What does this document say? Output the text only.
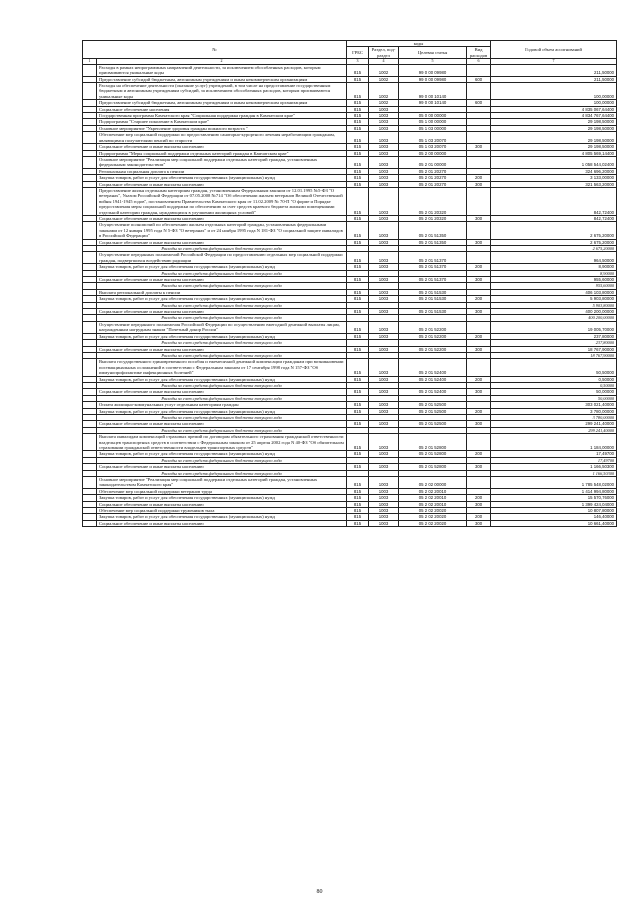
№		коды				Годовой объем ассигнований
		ГРБС	Раздел, под-раздел	Целевая статья	Вид расходов	
1	2	3	4	5	6	7
	Расходы в рамках непрограммных направлений деятельности, за исключением обособленных расходов, которым присваиваются уникальные коды	815	1002	99 0 00 09980		211,50000
	Предоставление субсидий бюджетным, автономным учреждениям и иным некоммерческим организациям	815	1002	99 0 00 09980	600	211,50000
	Расходы на обеспечение деятельности (оказание услуг) учреждений, в том числе на предоставление государственным бюджетным и автономным учреждениям субсидий, за исключением обособленных расходов, которым присваиваются уникальные коды	815	1002	99 0 00 10140		100,00000
	Предоставление субсидий бюджетным, автономным учреждениям и иным некоммерческим организациям	815	1002	99 0 00 10140	600	100,00000
	Социальное обеспечение населения	815	1003			4 835 067,64400
	Государственная программа Камчатского края "Социальная поддержка граждан в Камчатском крае"	815	1003	05 0 00 00000		4 834 767,64400
	Подпрограмма "Старшее поколение в Камчатском крае"	815	1003	05 1 00 00000		29 198,50000
	Основное мероприятие "Укрепление здоровья граждан пожилого возраста "	815	1003	05 1 03 00000		29 198,50000
	Обеспечение мер социальной поддержки по предоставлению санаторно-курортного лечения неработающим гражданам, являющимся получателями пенсий по старости	815	1003	05 1 03 20070		29 198,50000
	Социальное обеспечение и иные выплаты населению	815	1003	05 1 03 20070	300	29 198,50000
	Подпрограмма "Меры социальной поддержки отдельных категорий граждан в Камчатском крае"	815	1003	05 2 00 00000		4 805 569,14400
	Основное мероприятие "Реализация мер социальной поддержки отдельных категорий граждан, установленных федеральным законодательством"	815	1003	05 2 01 00000		1 058 544,02400
	Региональная социальная доплата к пенсии	815	1003	05 2 01 20270		324 696,20000
	Закупка товаров, работ и услуг для обеспечения государственных (муниципальных) нужд	815	1003	05 2 01 20270	200	3 133,00000
	Социальное обеспечение и иные выплаты населению	815	1003	05 2 01 20270	300	321 563,20000
	Предоставление жилья отдельным категориям граждан, установленным Федеральным законом от 12.01.1995 №5-ФЗ "О ветеранах", Указом Российской Федерации от 07.05.2008 №714 "Об обеспечении жильем ветеранов Великой Отечественной войны 1941-1945 годов", постановлением Правительства Камчатского края от 11.02.2009 № 70-П "О форме и Порядке предоставления меры социальной поддержки по обеспечению за счет средств краевого бюджета жилыми помещениями отдельной категории граждан, нуждающихся в улучшении жилищных условий"	815	1003	05 2 01 20320		842,72400
	Социальное обеспечение и иные выплаты населению	815	1003	05 2 01 20320	300	842,72400
	Осуществление полномочий по обеспечению жильем отдельных категорий граждан, установленных федеральными законами от 12 января 1995 года N 5-ФЗ "О ветеранах" и от 24 ноября 1995 года N 181-ФЗ "О социальной защите инвалидов в Российской Федерации"	815	1003	05 2 01 51350		2 675,20000
	Социальное обеспечение и иные выплаты населению	815	1003	05 2 01 51350	300	2 675,20000
	Расходы за счет средств федерального бюджета текущего года					2 675,20000
	Осуществление переданных полномочий Российской Федерации по предоставлению отдельных мер социальной поддержки граждан, подвергшихся воздействию радиации	815	1003	05 2 01 51370		964,50000
	Закупка товаров, работ и услуг для обеспечения государственных (муниципальных) нужд	815	1003	05 2 01 51370	200	8,90000
	Расходы за счет средств федерального бюджета текущего года					8,90000
	Социальное обеспечение и иные выплаты населению	815	1003	05 2 01 51370	300	955,60000
	Расходы за счет средств федерального бюджета текущего года					955,60000
	Выплата региональной доплаты к пенсии	815	1003	05 2 01 51530		406 103,80000
	Закупка товаров, работ и услуг для обеспечения государственных (муниципальных) нужд	815	1003	05 2 01 51530	200	5 903,80000
	Расходы за счет средств федерального бюджета текущего года					5 903,80000
	Социальное обеспечение и иные выплаты населению	815	1003	05 2 01 51530	300	400 200,00000
	Расходы за счет средств федерального бюджета текущего года					400 200,00000
	Осуществление переданного полномочия Российской Федерации по осуществлению ежегодной денежной выплаты лицам, награжденным нагрудным знаком "Почетный донор России"	815	1003	05 2 01 52200		19 005,70000
	Закупка товаров, работ и услуг для обеспечения государственных (муниципальных) нужд	815	1003	05 2 01 52200	200	237,80000
	Расходы за счет средств федерального бюджета текущего года					237,80000
	Социальное обеспечение и иные выплаты населению	815	1003	05 2 01 52200	300	18 767,90000
	Расходы за счет средств федерального бюджета текущего года					18 767,90000
	Выплата государственного единовременного пособия и ежемесячной денежной компенсации гражданам при возникновении поствакцинальных осложнений в соответствии с Федеральным законом от 17 сентября 1998 года N 157-ФЗ "Об иммунопрофилактике инфекционных болезней"	815	1003	05 2 01 52400		50,50000
	Закупка товаров, работ и услуг для обеспечения государственных (муниципальных) нужд	815	1003	05 2 01 52400	200	0,50000
	Расходы за счет средств федерального бюджета текущего года					0,50000
	Социальное обеспечение и иные выплаты населению	815	1003	05 2 01 52400	300	50,00000
	Расходы за счет средств федерального бюджета текущего года					50,00000
	Оплата жилищно-коммунальных услуг отдельным категориям граждан	815	1003	05 2 01 52500		303 021,40000
	Закупка товаров, работ и услуг для обеспечения государственных (муниципальных) нужд	815	1003	05 2 01 52500	200	3 780,00000
	Расходы за счет средств федерального бюджета текущего года					3 780,00000
	Социальное обеспечение и иные выплаты населению	815	1003	05 2 01 52500	300	299 241,40000
	Расходы за счет средств федерального бюджета текущего года					299 241,40000
	Выплата инвалидам компенсаций страховых премий по договорам обязательного страхования гражданской ответственности владельцев транспортных средств в соответствии с Федеральным законом от 25 апреля 2002 года N 40-ФЗ "Об обязательном страховании гражданской ответственности владельцев транспортных средств"	815	1003	05 2 01 52800		1 184,00000
	Закупка товаров, работ и услуг для обеспечения государственных (муниципальных) нужд	815	1003	05 2 01 52800	200	17,49700
	Расходы за счет средств федерального бюджета текущего года					17,49700
	Социальное обеспечение и иные выплаты населению	815	1003	05 2 01 52800	300	1 166,50300
	Расходы за счет средств федерального бюджета текущего года					1 166,50300
	Основное мероприятие "Реализация мер социальной поддержки отдельных категорий граждан, установленных законодательством Камчатского края"	815	1003	05 2 02 00000		1 785 548,02000
	Обеспечение мер социальной поддержки ветеранов труда	815	1003	05 2 02 20010		1 414 994,80000
	Закупка товаров, работ и услуг для обеспечения государственных (муниципальных) нужд	815	1003	05 2 02 20010	200	15 570,76000
	Социальное обеспечение и иные выплаты населению	815	1003	05 2 02 20010	300	1 399 424,04000
	Обеспечение мер социальной поддержки тружеников тыла	815	1003	05 2 02 20020		10 807,80000
	Закупка товаров, работ и услуг для обеспечения государственных (муниципальных) нужд	815	1003	05 2 02 20020	200	146,40000
	Социальное обеспечение и иные выплаты населению	815	1003	05 2 02 20020	300	10 661,40000
80
